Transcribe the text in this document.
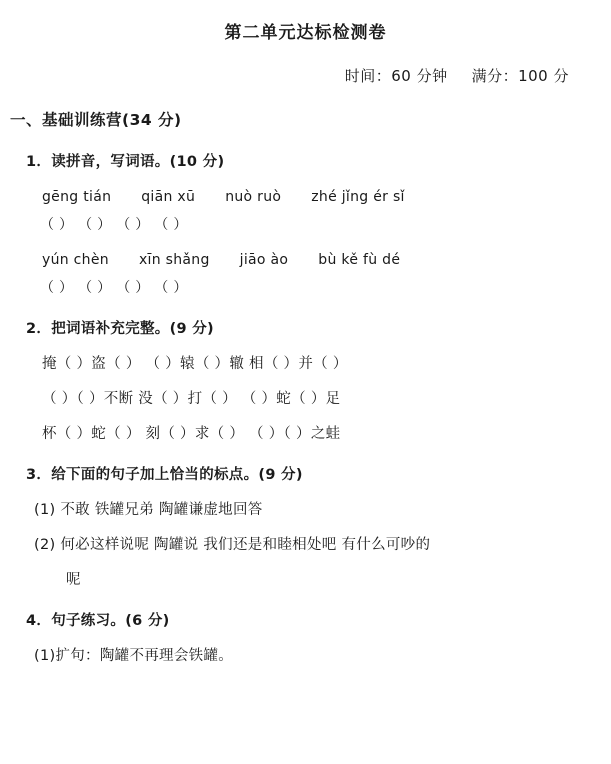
第二单元达标检测卷
时间：60 分钟 满分：100 分
一、基础训练营(34 分)
1．读拼音，写词语。(10 分)
gēng tián qiān xū nuò ruò zhé jǐng ér sǐ
（ ） （ ） （ ） （ ）
yún chèn xīn shǎng jiāo ào bù kě fù dé
（ ） （ ） （ ） （ ）
2．把词语补充完整。(9 分)
掩（ ）盗（ ） （ ）辕（ ）辙 相（ ）并（ ）
（ ）（ ）不断 没（ ）打（ ） （ ）蛇（ ）足
杯（ ）蛇（ ） 刻（ ）求（ ） （ ）（ ）之蛙
3．给下面的句子加上恰当的标点。(9 分)
(1) 不敢 铁罐兄弟 陶罐谦虚地回答
(2) 何必这样说呢 陶罐说 我们还是和睦相处吧 有什么可吵的
呢
4．句子练习。(6 分)
(1)扩句：陶罐不再理会铁罐。
